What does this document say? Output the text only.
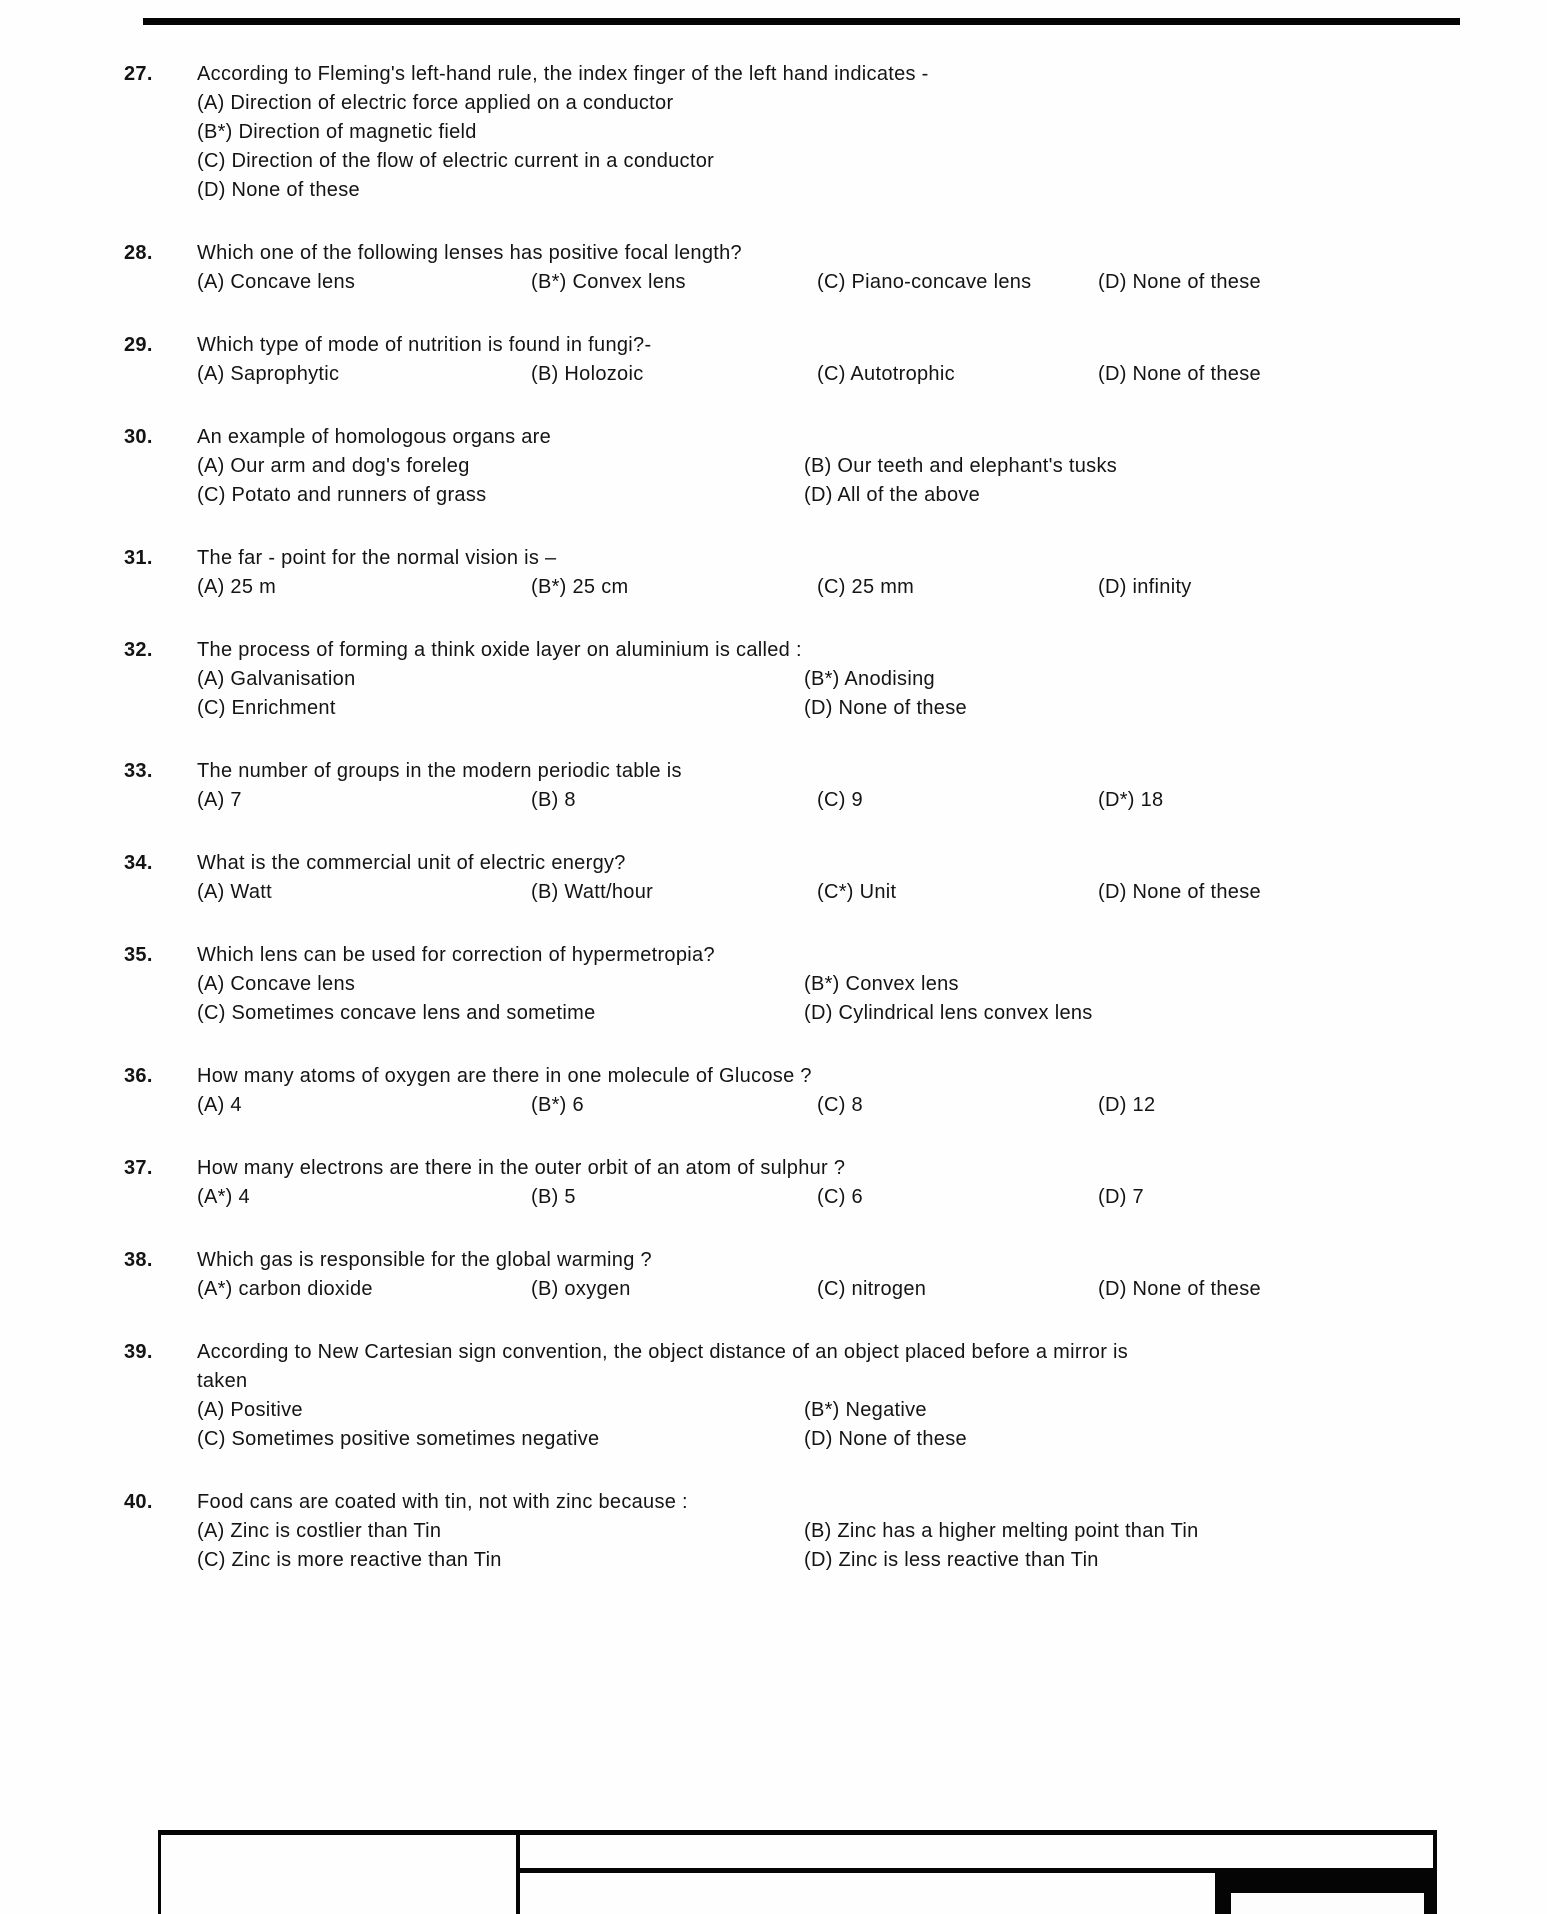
27. According to Fleming's left-hand rule, the index finger of the left hand indicates -
(A) Direction of electric force applied on a conductor
(B*) Direction of magnetic field
(C) Direction of the flow of electric current in a conductor
(D) None of these
28. Which one of the following lenses has positive focal length?
(A) Concave lens	(B*) Convex lens	(C) Piano-concave lens	(D) None of these
29. Which type of mode of nutrition is found in fungi?-
(A) Saprophytic	(B) Holozoic	(C) Autotrophic	(D) None of these
30. An example of homologous organs are
(A) Our arm and dog's foreleg	(B) Our teeth and elephant's tusks
(C) Potato and runners of grass	(D) All of the above
31. The far - point for the normal vision is –
(A) 25 m	(B*) 25 cm	(C) 25 mm	(D) infinity
32. The process of forming a think oxide layer on aluminium is called :
(A) Galvanisation	(B*) Anodising
(C) Enrichment	(D) None of these
33. The number of groups in the modern periodic table is
(A) 7	(B) 8	(C) 9	(D*) 18
34. What is the commercial unit of electric energy?
(A) Watt	(B) Watt/hour	(C*) Unit	(D) None of these
35. Which lens can be used for correction of hypermetropia?
(A) Concave lens	(B*) Convex lens
(C) Sometimes concave lens and sometime	(D) Cylindrical lens convex lens
36. How many atoms of oxygen are there in one molecule of Glucose ?
(A) 4	(B*) 6	(C) 8	(D) 12
37. How many electrons are there in the outer orbit of an atom of sulphur ?
(A*) 4	(B) 5	(C) 6	(D) 7
38. Which gas is responsible for the global warming ?
(A*) carbon dioxide	(B) oxygen	(C) nitrogen	(D) None of these
39. According to New Cartesian sign convention, the object distance of an object placed before a mirror is
taken
(A) Positive	(B*) Negative
(C) Sometimes positive sometimes negative	(D) None of these
40. Food cans are coated with tin, not with zinc because :
(A) Zinc is costlier than Tin	(B) Zinc has a higher melting point than Tin
(C) Zinc is more reactive than Tin	(D) Zinc is less reactive than Tin
